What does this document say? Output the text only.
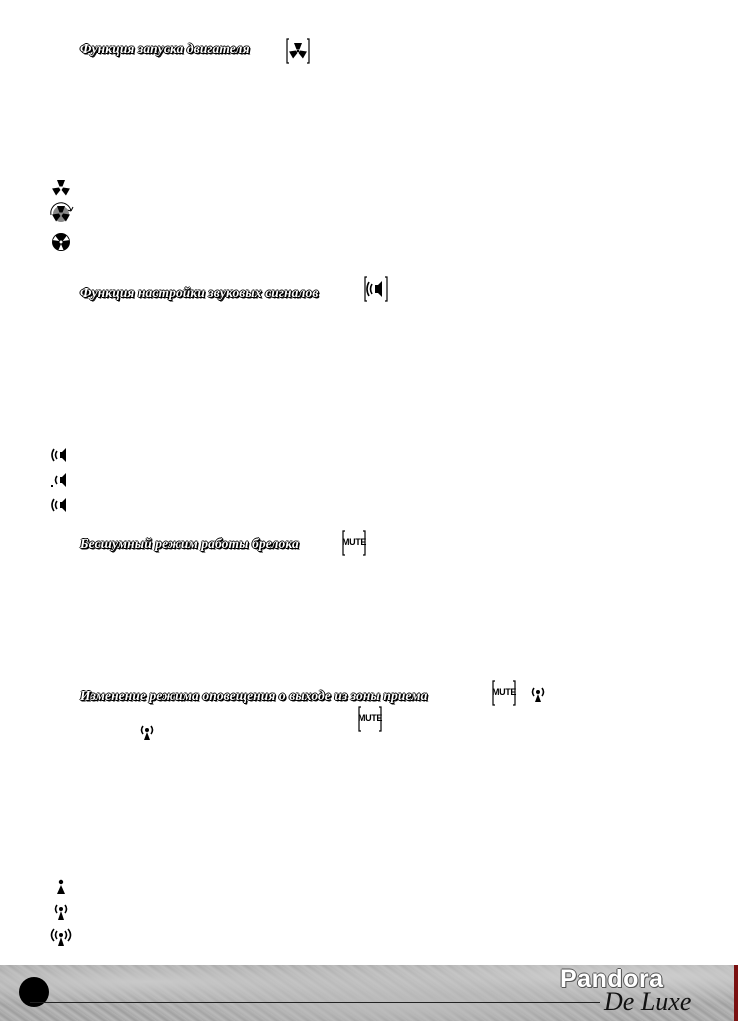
Функция запуска двигателя
Функция настройки звуковых сигналов
Бесшумный режим работы брелока	MUTE
Изменение режима оповещения о выходе из зоны приема	MUTE
MUTE
Pandora
De Luxe
